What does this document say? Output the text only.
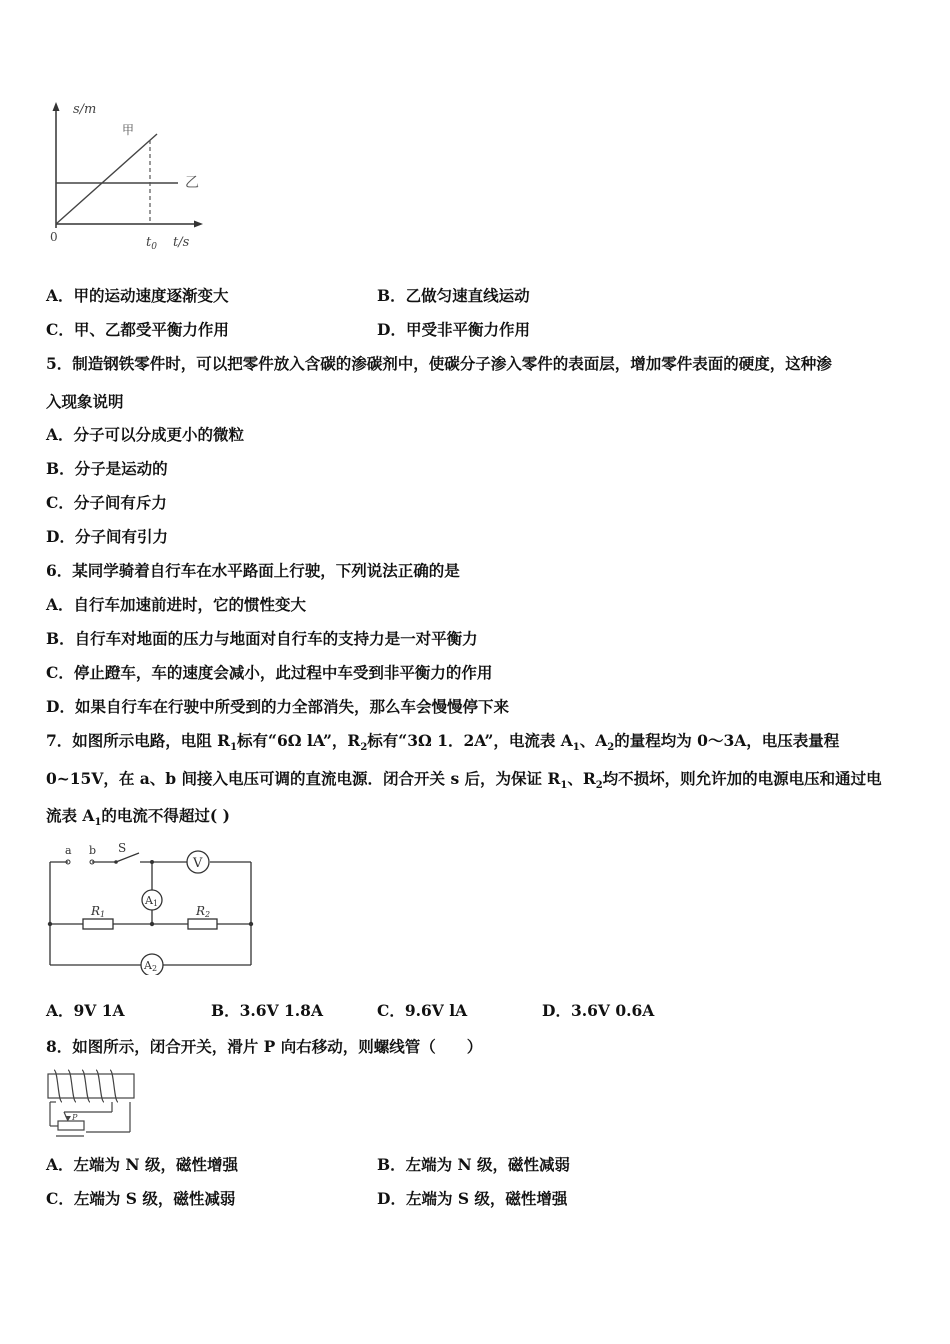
s/m
甲
乙
0	$t_0$ t/s
A．甲的运动速度逐渐变大	B．乙做匀速直线运动
C．甲、乙都受平衡力作用	D．甲受非平衡力作用
5．制造钢铁零件时，可以把零件放入含碳的渗碳剂中，使碳分子渗入零件的表面层，增加零件表面的硬度，这种渗
入现象说明
A．分子可以分成更小的微粒
B．分子是运动的
C．分子间有斥力
D．分子间有引力
6．某同学骑着自行车在水平路面上行驶，下列说法正确的是
A．自行车加速前进时，它的惯性变大
B．自行车对地面的压力与地面对自行车的支持力是一对平衡力
C．停止蹬车，车的速度会减小，此过程中车受到非平衡力的作用
D．如果自行车在行驶中所受到的力全部消失，那么车会慢慢停下来
7．如图所示电路，电阻 $R_1$标有“6Ω lA”，$R_2$标有“3Ω 1．2A”，电流表 $A_1$、$A_2$的量程均为 0～3A，电压表量程
0~15V，在 a、b 间接入电压可调的直流电源．闭合开关 s 后，为保证 $R_1$、$R_2$均不损坏，则允许加的电源电压和通过电
流表 $A_1$的电流不得超过( )
a b S
V
A1
A2
R1	R2
A．9V 1A	B．3.6V 1.8A	C．9.6V lA	D．3.6V 0.6A
8．如图所示，闭合开关，滑片 P 向右移动，则螺线管（　　）
P
A．左端为 N 级，磁性增强	B．左端为 N 级，磁性减弱
C．左端为 S 级，磁性减弱	D．左端为 S 级，磁性增强
